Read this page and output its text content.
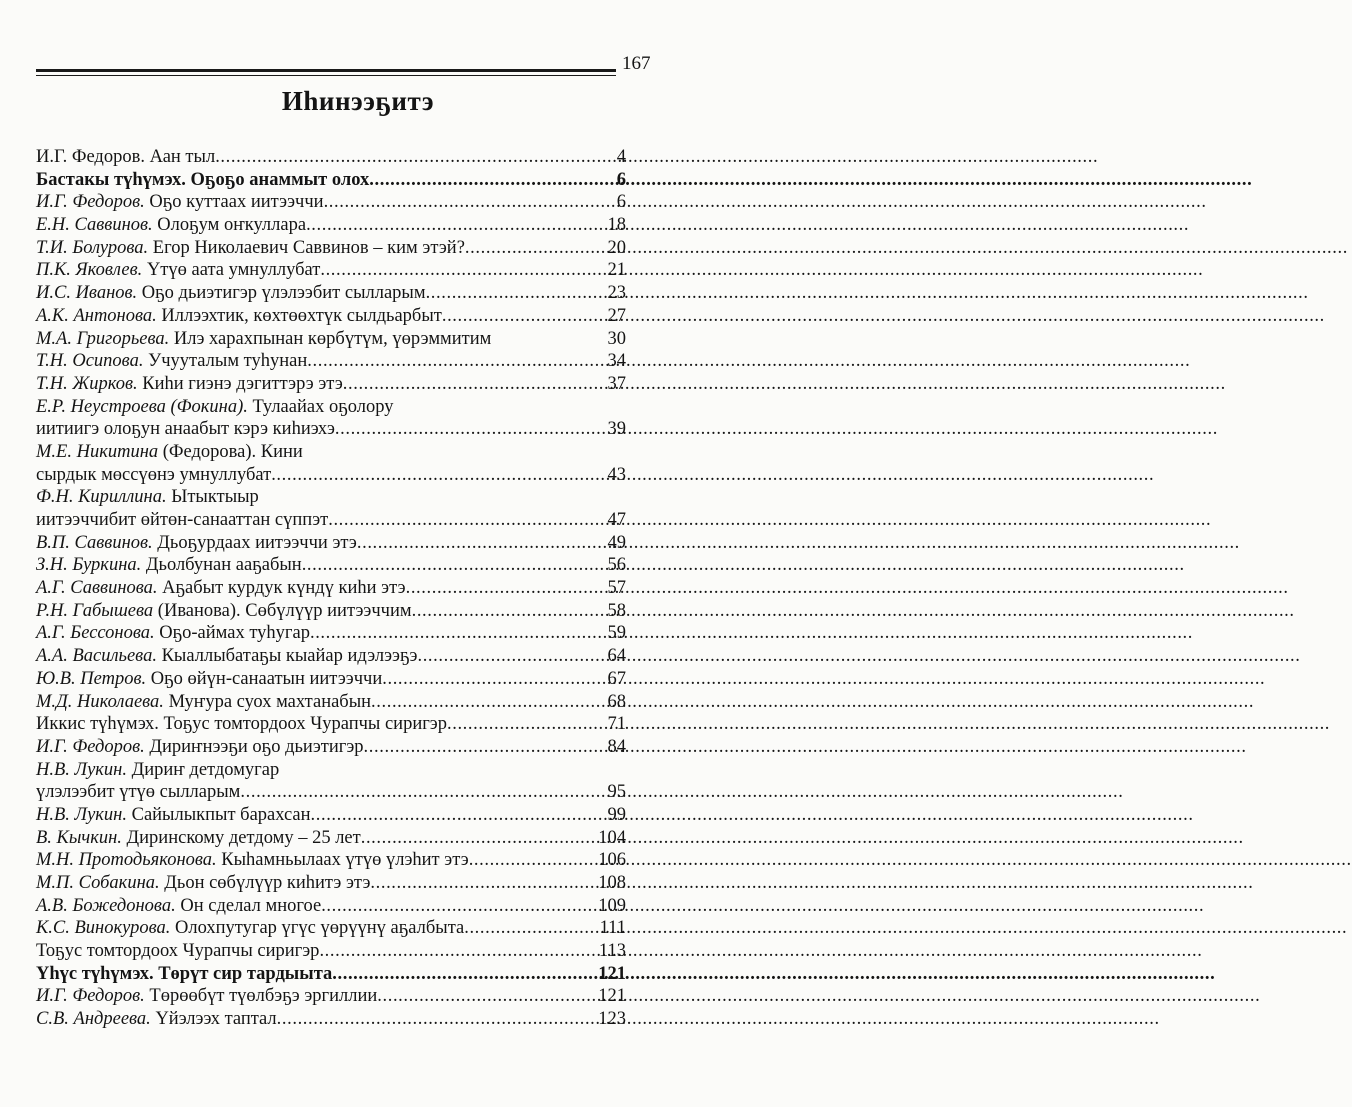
167
Иһинээҕитэ
И.Г. Федоров. Аан тыл .....	4
Бастакы түһүмэх. Оҕоҕо анаммыт олох .....	6
И.Г. Федоров. Оҕо куттаах иитээччи .....	6
Е.Н. Саввинов. Олоҕум оҥкуллара .....	18
Т.И. Болурова. Егор Николаевич Саввинов – ким этэй? .....	20
П.К. Яковлев. Үтүө аата умнуллубат .....	21
И.С. Иванов. Оҕо дьиэтигэр үлэлээбит сылларым .....	23
А.К. Антонова. Иллээхтик, көхтөөхтүк сылдьарбыт .....	27
М.А. Григорьева. Илэ харахпынан көрбүтүм, үөрэммитим	30
Т.Н. Осипова. Учууталым туһунан .....	34
Т.Н. Жирков. Киһи гиэнэ дэгиттэрэ этэ .....	37
Е.Р. Неустроева (Фокина). Тулаайах оҕолору
иитиигэ олоҕун анаабыт кэрэ киһиэхэ .....	39
М.Е. Никитина (Федорова). Кини
сырдык мөссүөнэ умнуллубат .....	43
Ф.Н. Кириллина. Ытыктыыр
иитээччибит өйтөн-санааттан сүппэт .....	47
В.П. Саввинов. Дьоҕурдаах иитээччи этэ .....	49
З.Н. Буркина. Дьолбунан ааҕабын .....	56
А.Г. Саввинова. Аҕабыт курдук күндү киһи этэ .....	57
Р.Н. Габышева (Иванова). Сөбүлүүр иитээччим .....	58
А.Г. Бессонова. Оҕо-аймах туһугар .....	59
А.А. Васильева. Кыаллыбатаҕы кыайар идэлээҕэ .....	64
Ю.В. Петров. Оҕо өйүн-санаатын иитээччи .....	67
М.Д. Николаева. Муҥура суох махтанабын .....	68
Иккис түһүмэх. Тоҕус томтордоох Чурапчы сиригэр .....	71
И.Г. Федоров. Дириҥнээҕи оҕо дьиэтигэр .....	84
Н.В. Лукин. Дириҥ детдомугар
үлэлээбит үтүө сылларым .....	95
Н.В. Лукин. Сайылыкпыт барахсан .....	99
В. Кычкин. Диринскому детдому – 25 лет .....	104
М.Н. Протодьяконова. Кыһамньылаах үтүө үлэһит этэ .....	106
М.П. Собакина. Дьон сөбүлүүр киһитэ этэ .....	108
А.В. Божедонова. Он сделал многое .....	109
К.С. Винокурова. Олохпутугар үгүс үөрүүнү аҕалбыта .....	111
Тоҕус томтордоох Чурапчы сиригэр .....	113
Үһүс түһүмэх. Төрүт сир тардыыта .....	121
И.Г. Федоров. Төрөөбүт түөлбэҕэ эргиллии .....	121
С.В. Андреева. Үйэлээх таптал .....	123
